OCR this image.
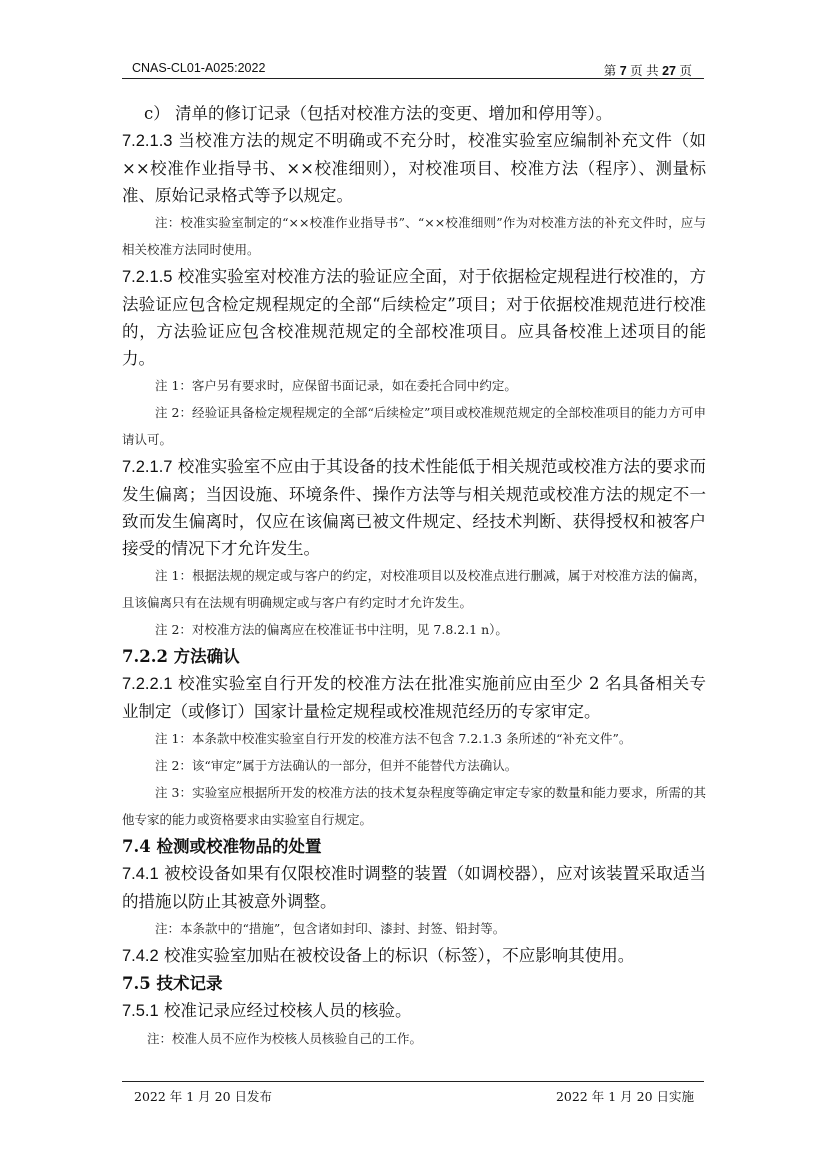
CNAS-CL01-A025:2022	第 7 页 共 27 页

c） 清单的修订记录（包括对校准方法的变更、增加和停用等）。

7.2.1.3 当校准方法的规定不明确或不充分时，校准实验室应编制补充文件（如××校准作业指导书、××校准细则），对校准项目、校准方法（程序）、测量标准、原始记录格式等予以规定。

注：校准实验室制定的“××校准作业指导书”、“××校准细则”作为对校准方法的补充文件时，应与相关校准方法同时使用。

7.2.1.5 校准实验室对校准方法的验证应全面，对于依据检定规程进行校准的，方法验证应包含检定规程规定的全部“后续检定”项目；对于依据校准规范进行校准的，方法验证应包含校准规范规定的全部校准项目。应具备校准上述项目的能力。

注 1：客户另有要求时，应保留书面记录，如在委托合同中约定。

注 2：经验证具备检定规程规定的全部“后续检定”项目或校准规范规定的全部校准项目的能力方可申请认可。

7.2.1.7 校准实验室不应由于其设备的技术性能低于相关规范或校准方法的要求而发生偏离；当因设施、环境条件、操作方法等与相关规范或校准方法的规定不一致而发生偏离时，仅应在该偏离已被文件规定、经技术判断、获得授权和被客户接受的情况下才允许发生。

注 1：根据法规的规定或与客户的约定，对校准项目以及校准点进行删减，属于对校准方法的偏离，且该偏离只有在法规有明确规定或与客户有约定时才允许发生。

注 2：对校准方法的偏离应在校准证书中注明，见 7.8.2.1 n）。

7.2.2 方法确认

7.2.2.1 校准实验室自行开发的校准方法在批准实施前应由至少 2 名具备相关专业制定（或修订）国家计量检定规程或校准规范经历的专家审定。

注 1：本条款中校准实验室自行开发的校准方法不包含 7.2.1.3 条所述的“补充文件”。

注 2：该“审定”属于方法确认的一部分，但并不能替代方法确认。

注 3：实验室应根据所开发的校准方法的技术复杂程度等确定审定专家的数量和能力要求，所需的其他专家的能力或资格要求由实验室自行规定。

7.4 检测或校准物品的处置

7.4.1 被校设备如果有仅限校准时调整的装置（如调校器），应对该装置采取适当的措施以防止其被意外调整。

注：本条款中的“措施”，包含诸如封印、漆封、封签、铅封等。

7.4.2 校准实验室加贴在被校设备上的标识（标签），不应影响其使用。

7.5 技术记录

7.5.1 校准记录应经过校核人员的核验。

注：校准人员不应作为校核人员核验自己的工作。

2022 年 1 月 20 日发布	2022 年 1 月 20 日实施
